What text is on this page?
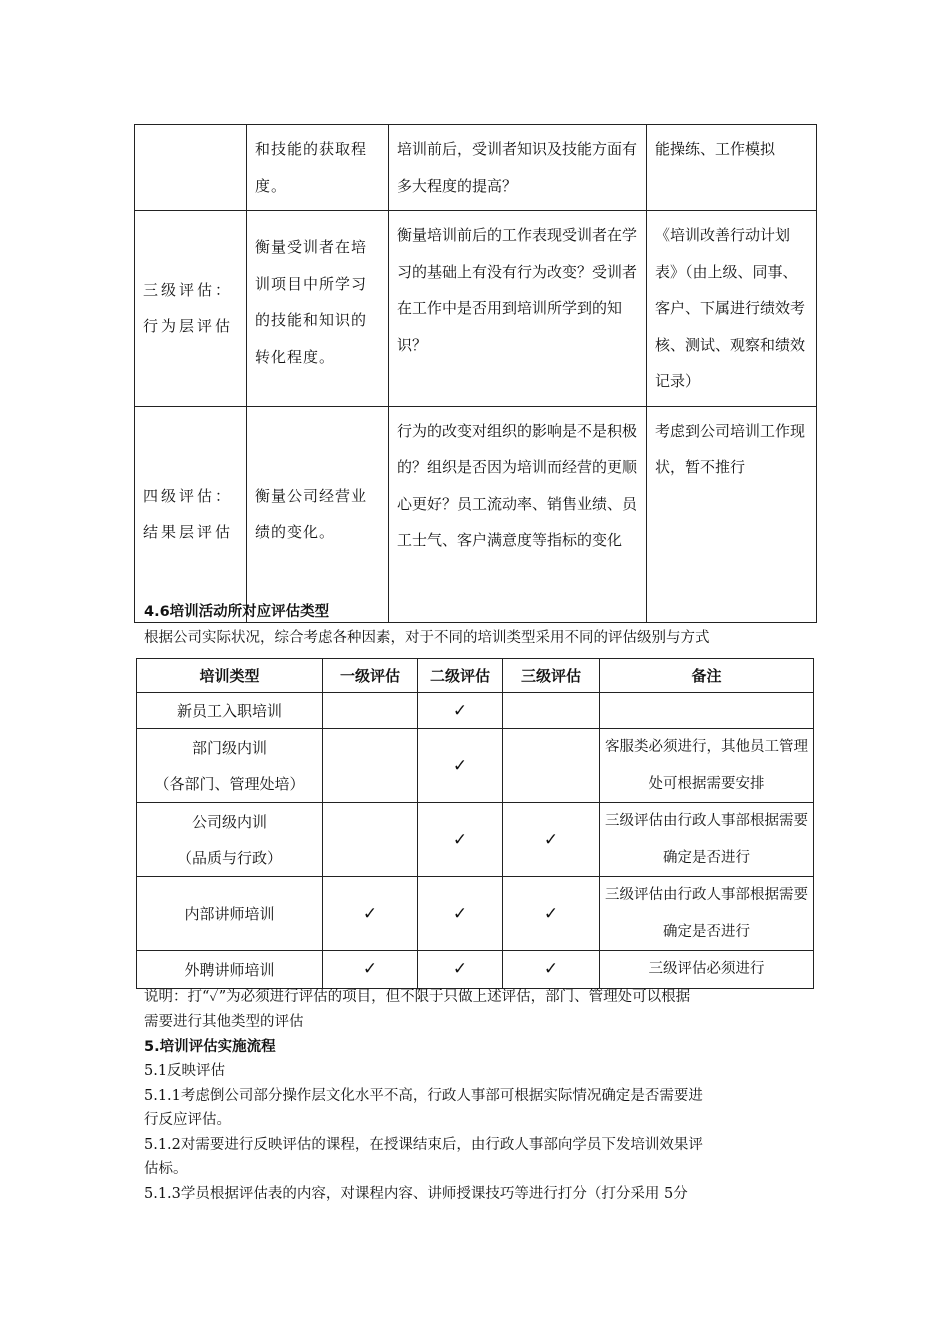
	和技能的获取程度。	培训前后，受训者知识及技能方面有多大程度的提高？	能操练、工作模拟
三级评估：行为层评估	衡量受训者在培训项目中所学习的技能和知识的转化程度。	衡量培训前后的工作表现受训者在学习的基础上有没有行为改变？受训者在工作中是否用到培训所学到的知识？	《培训改善行动计划表》（由上级、同事、客户、下属进行绩效考核、测试、观察和绩效记录）
四级评估：结果层评估	衡量公司经营业绩的变化。	行为的改变对组织的影响是不是积极的？组织是否因为培训而经营的更顺心更好？员工流动率、销售业绩、员工士气、客户满意度等指标的变化	考虑到公司培训工作现状，暂不推行
4.6培训活动所对应评估类型
根据公司实际状况，综合考虑各种因素，对于不同的培训类型采用不同的评估级别与方式
培训类型	一级评估	二级评估	三级评估	备注
新员工入职培训		✓		

部门级内训
（各部门、管理处培）		✓		客服类必须进行，其他员工管理处可根据需要安排

公司级内训
（品质与行政）		✓	✓	三级评估由行政人事部根据需要确定是否进行
内部讲师培训	✓	✓	✓	三级评估由行政人事部根据需要确定是否进行
外聘讲师培训	✓	✓	✓	三级评估必须进行
说明：打“✓”为必须进行评估的项目，但不限于只做上述评估，部门、管理处可以根据
需要进行其他类型的评估
5.培训评估实施流程
5.1反映评估
5.1.1考虑倒公司部分操作层文化水平不高，行政人事部可根据实际情况确定是否需要进
行反应评估。
5.1.2对需要进行反映评估的课程，在授课结束后，由行政人事部向学员下发培训效果评
估标。
5.1.3学员根据评估表的内容，对课程内容、讲师授课技巧等进行打分（打分采用 5分
